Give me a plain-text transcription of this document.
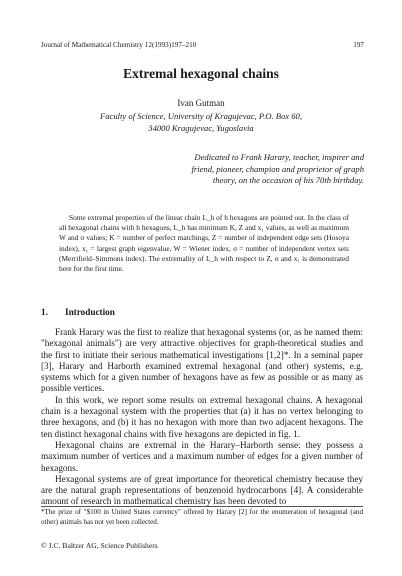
Journal of Mathematical Chemistry 12(1993)197–210	197
Extremal hexagonal chains
Ivan Gutman
Faculty of Science, University of Kragujevac, P.O. Box 60,
34000 Kragujevac, Yugoslavia
Dedicated to Frank Harary, teacher, inspirer and
friend, pioneer, champion and proprietor of graph
theory, on the occasion of his 70th birthday.

Some extremal properties of the linear chain L_h of h hexagons are pointed out. In the class of all hexagonal chains with h hexagons, L_h has minimum K, Z and x₁ values, as well as maximum W and σ values; K = number of perfect matchings, Z = number of independent edge sets (Hosoya index), x₁ = largest graph eigenvalue, W = Wiener index, σ = number of independent vertex sets (Merrifield–Simmons index). The extremality of L_h with respect to Z, σ and x₁ is demonstrated here for the first time.

1. Introduction

Frank Harary was the first to realize that hexagonal systems (or, as he named them: "hexagonal animals") are very attractive objectives for graph-theoretical studies and the first to initiate their serious mathematical investigations [1,2]*. In a seminal paper [3], Harary and Harborth examined extremal hexagonal (and other) systems, e.g. systems which for a given number of hexagons have as few as possible or as many as possible vertices.

In this work, we report some results on extremal hexagonal chains. A hexagonal chain is a hexagonal system with the properties that (a) it has no vertex belonging to three hexagons, and (b) it has no hexagon with more than two adjacent hexagons. The ten distinct hexagonal chains with five hexagons are depicted in fig. 1.

Hexagonal chains are extremal in the Harary–Harborth sense: they possess a maximum number of vertices and a maximum number of edges for a given number of hexagons.

Hexagonal systems are of great importance for theoretical chemistry because they are the natural graph representations of benzenoid hydrocarbons [4]. A considerable amount of research in mathematical chemistry has been devoted to

*The prize of "$100 in United States currency" offered by Harary [2] for the enumeration of hexagonal (and other) animals has not yet been collected.
© J.C. Baltzer AG, Science Publishers
